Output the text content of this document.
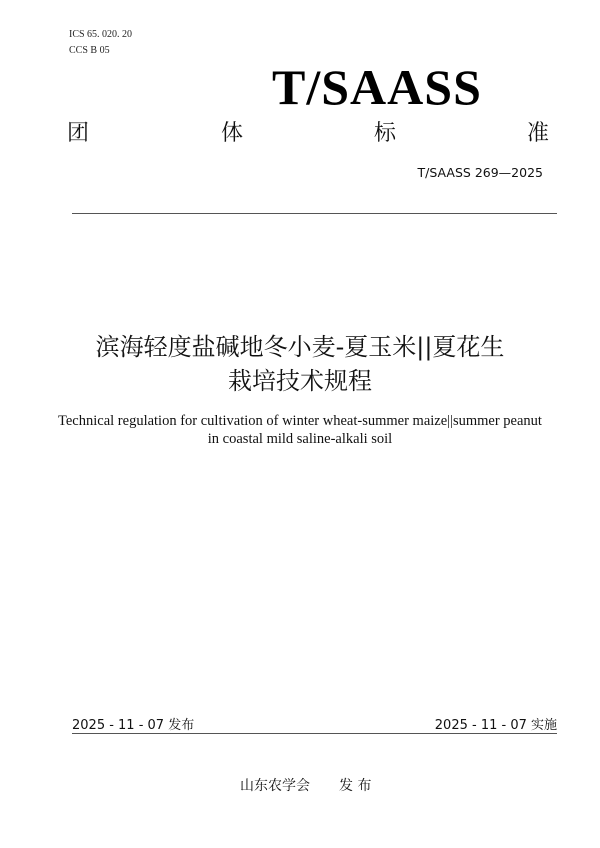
ICS 65. 020. 20
CCS B 05
T/SAASS
团	体	标	准
T/SAASS 269—2025
滨海轻度盐碱地冬小麦-夏玉米||夏花生
栽培技术规程
Technical regulation for cultivation of winter wheat-summer maize||summer peanut
in coastal mild saline-alkali soil
2025 - 11 - 07 发布	2025 - 11 - 07 实施
山东农学会 发 布
